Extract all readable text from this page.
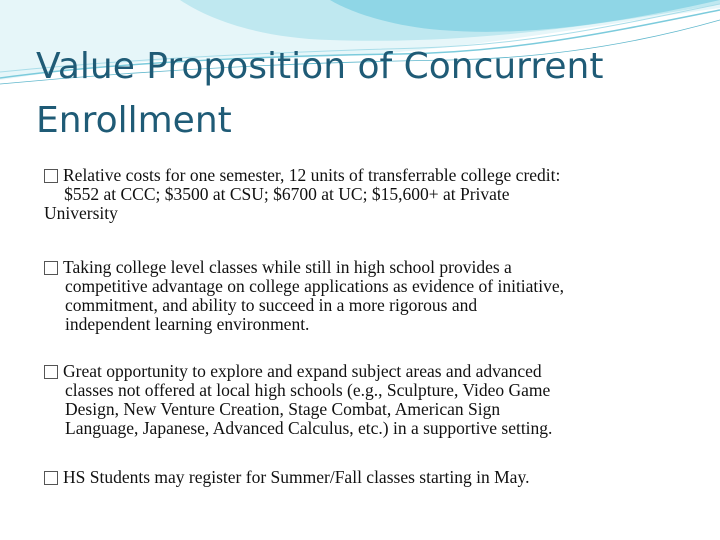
Value Proposition of Concurrent
Enrollment

Relative costs for one semester, 12 units of transferrable college credit:
$552 at CCC; $3500 at CSU; $6700 at UC; $15,600+ at Private
University

Taking college level classes while still in high school provides a
competitive advantage on college applications as evidence of initiative,
commitment, and ability to succeed in a more rigorous and
independent learning environment.

Great opportunity to explore and expand subject areas and advanced
classes not offered at local high schools (e.g., Sculpture, Video Game
Design, New Venture Creation, Stage Combat, American Sign
Language, Japanese, Advanced Calculus, etc.) in a supportive setting.

HS Students may register for Summer/Fall classes starting in May.
